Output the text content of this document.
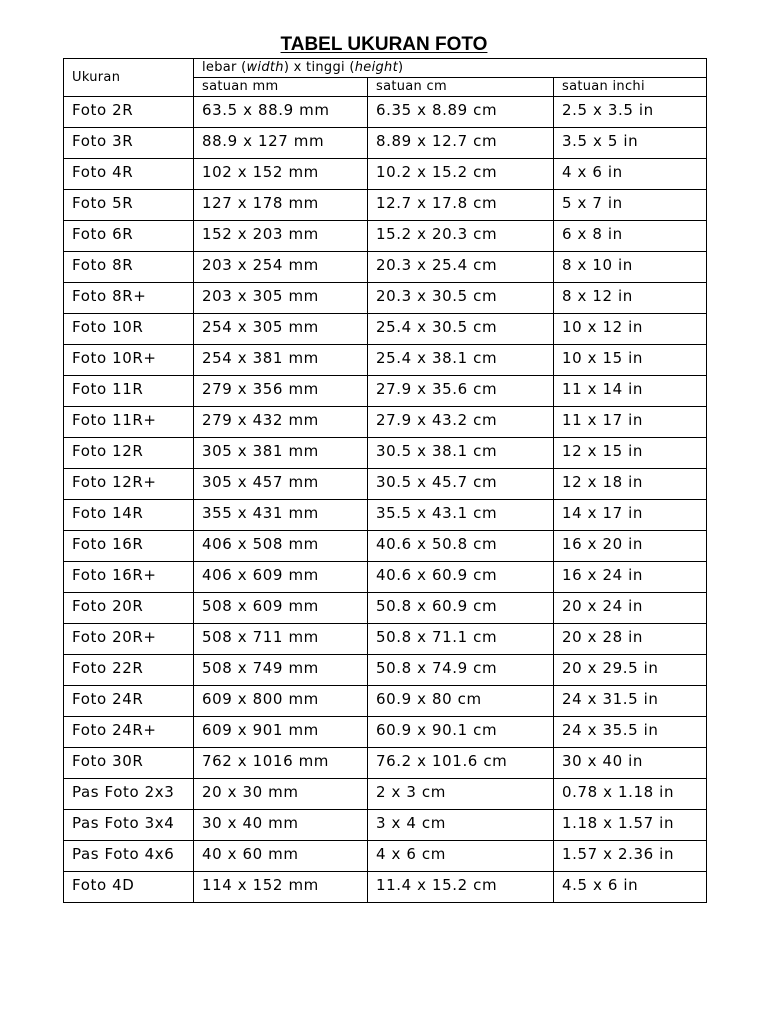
TABEL UKURAN FOTO
Ukuran	lebar (width) x tinggi (height)		
	satuan mm	satuan cm	satuan inchi
Foto 2R	63.5 x 88.9 mm	6.35 x 8.89 cm	2.5 x 3.5 in
Foto 3R	88.9 x 127 mm	8.89 x 12.7 cm	3.5 x 5 in
Foto 4R	102 x 152 mm	10.2 x 15.2 cm	4 x 6 in
Foto 5R	127 x 178 mm	12.7 x 17.8 cm	5 x 7 in
Foto 6R	152 x 203 mm	15.2 x 20.3 cm	6 x 8 in
Foto 8R	203 x 254 mm	20.3 x 25.4 cm	8 x 10 in
Foto 8R+	203 x 305 mm	20.3 x 30.5 cm	8 x 12 in
Foto 10R	254 x 305 mm	25.4 x 30.5 cm	10 x 12 in
Foto 10R+	254 x 381 mm	25.4 x 38.1 cm	10 x 15 in
Foto 11R	279 x 356 mm	27.9 x 35.6 cm	11 x 14 in
Foto 11R+	279 x 432 mm	27.9 x 43.2 cm	11 x 17 in
Foto 12R	305 x 381 mm	30.5 x 38.1 cm	12 x 15 in
Foto 12R+	305 x 457 mm	30.5 x 45.7 cm	12 x 18 in
Foto 14R	355 x 431 mm	35.5 x 43.1 cm	14 x 17 in
Foto 16R	406 x 508 mm	40.6 x 50.8 cm	16 x 20 in
Foto 16R+	406 x 609 mm	40.6 x 60.9 cm	16 x 24 in
Foto 20R	508 x 609 mm	50.8 x 60.9 cm	20 x 24 in
Foto 20R+	508 x 711 mm	50.8 x 71.1 cm	20 x 28 in
Foto 22R	508 x 749 mm	50.8 x 74.9 cm	20 x 29.5 in
Foto 24R	609 x 800 mm	60.9 x 80 cm	24 x 31.5 in
Foto 24R+	609 x 901 mm	60.9 x 90.1 cm	24 x 35.5 in
Foto 30R	762 x 1016 mm	76.2 x 101.6 cm	30 x 40 in
Pas Foto 2x3	20 x 30 mm	2 x 3 cm	0.78 x 1.18 in
Pas Foto 3x4	30 x 40 mm	3 x 4 cm	1.18 x 1.57 in
Pas Foto 4x6	40 x 60 mm	4 x 6 cm	1.57 x 2.36 in
Foto 4D	114 x 152 mm	11.4 x 15.2 cm	4.5 x 6 in
